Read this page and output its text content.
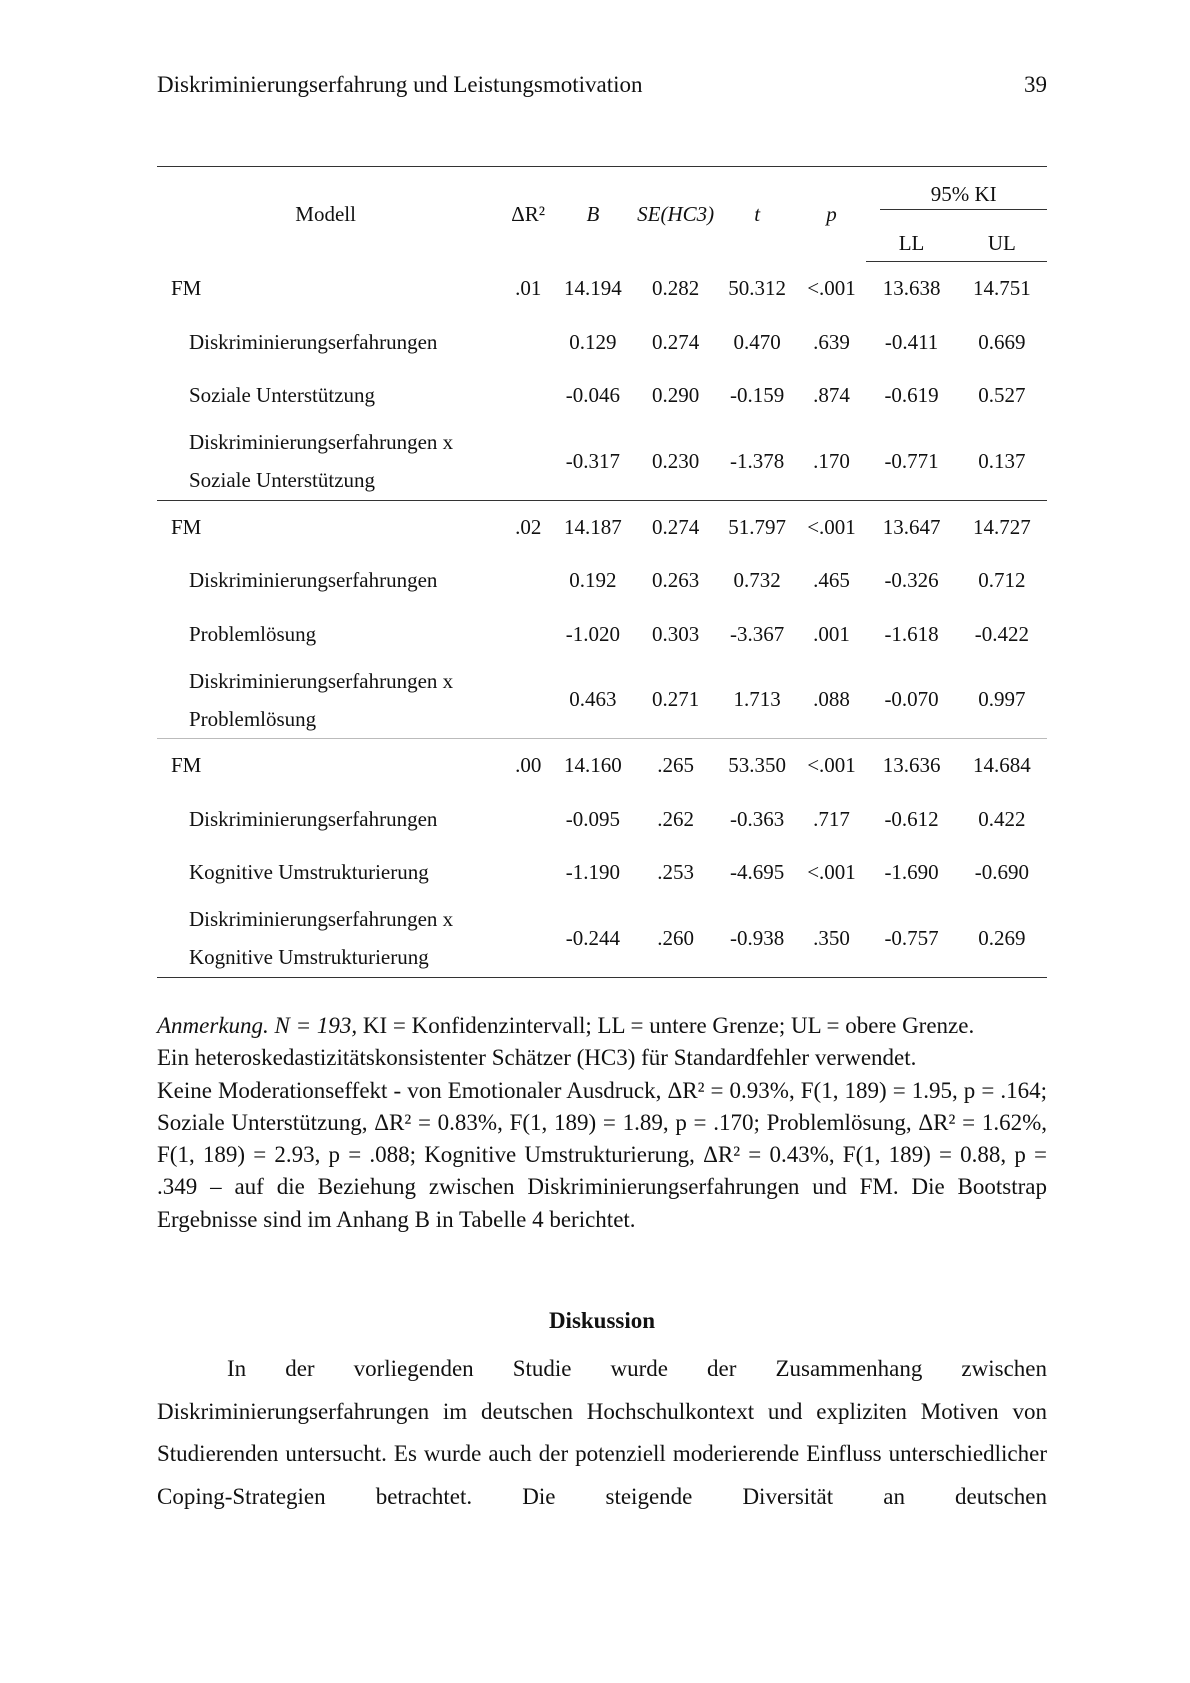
Diskriminierungserfahrung und Leistungsmotivation	39
Modell	ΔR²	B	SE(HC3)	t	p	95% KI	

						LL	UL
FM	.01	14.194	0.282	50.312	<.001	13.638	14.751
Diskriminierungserfahrungen		0.129	0.274	0.470	.639	-0.411	0.669
Soziale Unterstützung		-0.046	0.290	-0.159	.874	-0.619	0.527

Diskriminierungserfahrungen x
Soziale Unterstützung		-0.317	0.230	-1.378	.170	-0.771	0.137
FM	.02	14.187	0.274	51.797	<.001	13.647	14.727
Diskriminierungserfahrungen		0.192	0.263	0.732	.465	-0.326	0.712
Problemlösung		-1.020	0.303	-3.367	.001	-1.618	-0.422

Diskriminierungserfahrungen x
Problemlösung		0.463	0.271	1.713	.088	-0.070	0.997
FM	.00	14.160	.265	53.350	<.001	13.636	14.684
Diskriminierungserfahrungen		-0.095	.262	-0.363	.717	-0.612	0.422
Kognitive Umstrukturierung		-1.190	.253	-4.695	<.001	-1.690	-0.690

Diskriminierungserfahrungen x
Kognitive Umstrukturierung		-0.244	.260	-0.938	.350	-0.757	0.269

Anmerkung. N = 193, KI = Konfidenzintervall; LL = untere Grenze; UL = obere Grenze.

Ein heteroskedastizitätskonsistenter Schätzer (HC3) für Standardfehler verwendet.

Keine Moderationseffekt - von Emotionaler Ausdruck, ΔR² = 0.93%, F(1, 189) = 1.95, p = .164; Soziale Unterstützung, ΔR² = 0.83%, F(1, 189) = 1.89, p = .170; Problemlösung, ΔR² = 1.62%, F(1, 189) = 2.93, p = .088; Kognitive Umstrukturierung, ΔR² = 0.43%, F(1, 189) = 0.88, p = .349 – auf die Beziehung zwischen Diskriminierungserfahrungen und FM. Die Bootstrap Ergebnisse sind im Anhang B in Tabelle 4 berichtet.

Diskussion
In der vorliegenden Studie wurde der Zusammenhang zwischen Diskriminierungserfahrungen im deutschen Hochschulkontext und expliziten Motiven von Studierenden untersucht. Es wurde auch der potenziell moderierende Einfluss unterschiedlicher Coping-Strategien betrachtet. Die steigende Diversität an deutschen
